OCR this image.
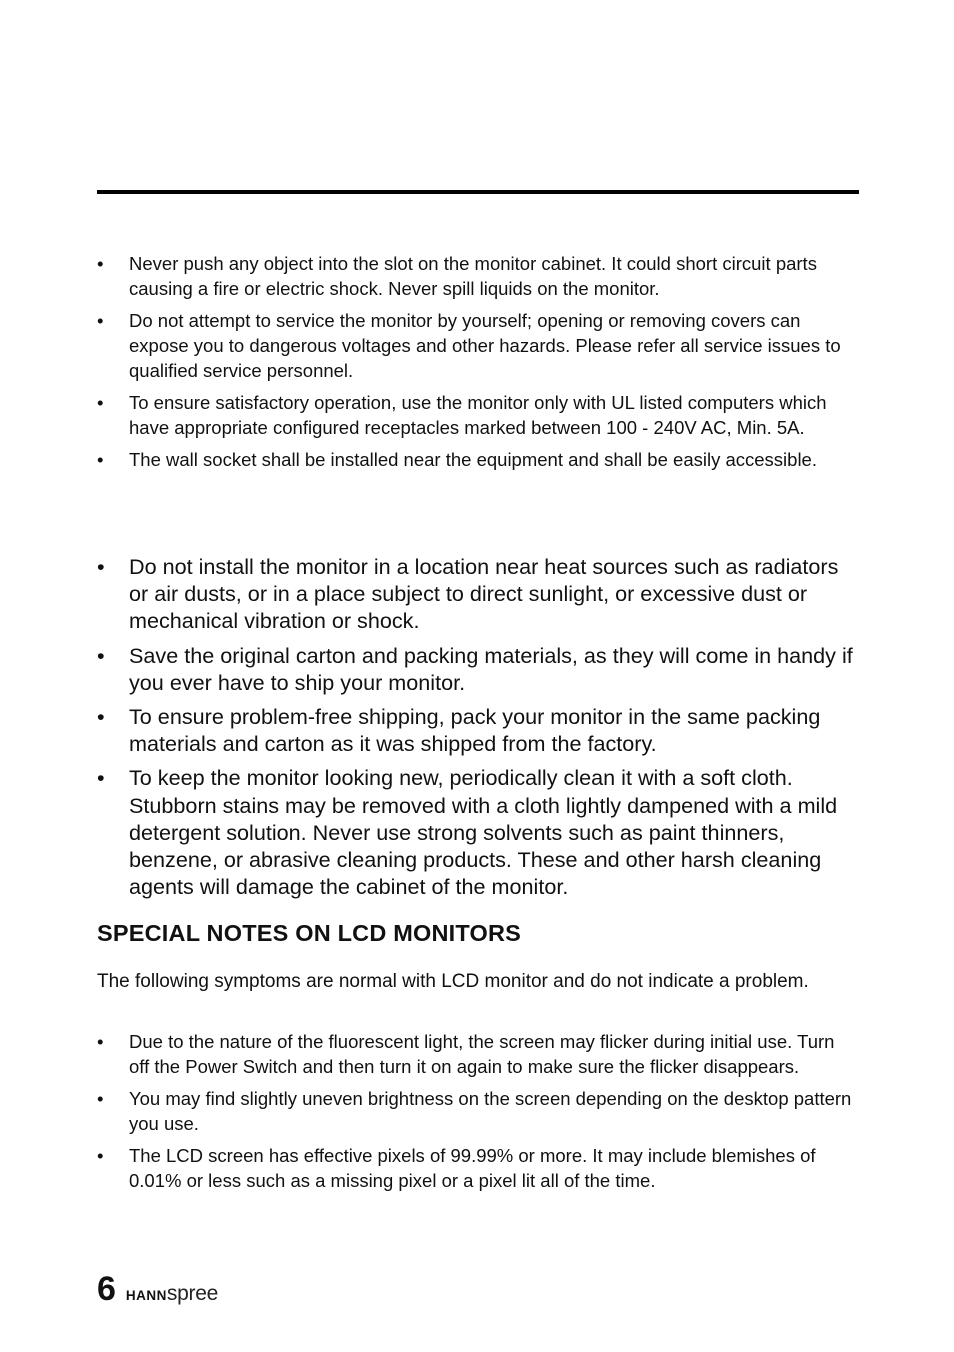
• Never push any object into the slot on the monitor cabinet. It could short circuit parts causing a fire or electric shock. Never spill liquids on the monitor.
• Do not attempt to service the monitor by yourself; opening or removing covers can expose you to dangerous voltages and other hazards. Please refer all service issues to qualified service personnel.
• To ensure satisfactory operation, use the monitor only with UL listed computers which have appropriate configured receptacles marked between 100 - 240V AC, Min. 5A.
• The wall socket shall be installed near the equipment and shall be easily accessible.
• Do not install the monitor in a location near heat sources such as radiators or air dusts, or in a place subject to direct sunlight, or excessive dust or mechanical vibration or shock.
• Save the original carton and packing materials, as they will come in handy if you ever have to ship your monitor.
• To ensure problem-free shipping, pack your monitor in the same packing materials and carton as it was shipped from the factory.
• To keep the monitor looking new, periodically clean it with a soft cloth. Stubborn stains may be removed with a cloth lightly dampened with a mild detergent solution. Never use strong solvents such as paint thinners, benzene, or abrasive cleaning products. These and other harsh cleaning agents will damage the cabinet of the monitor.
SPECIAL NOTES ON LCD MONITORS

The following symptoms are normal with LCD monitor and do not indicate a problem.

• Due to the nature of the fluorescent light, the screen may flicker during initial use. Turn off the Power Switch and then turn it on again to make sure the flicker disappears.
• You may find slightly uneven brightness on the screen depending on the desktop pattern you use.
• The LCD screen has effective pixels of 99.99% or more. It may include blemishes of 0.01% or less such as a missing pixel or a pixel lit all of the time.
6 HANN spree
